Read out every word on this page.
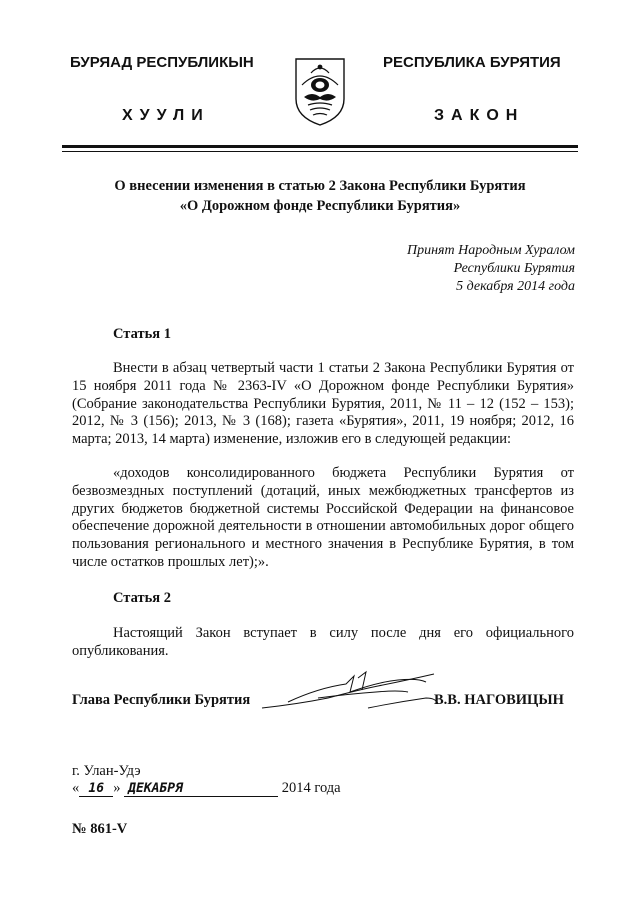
БУРЯАД РЕСПУБЛИКЫН	РЕСПУБЛИКА БУРЯТИЯ
ХУУЛИ	ЗАКОН
О внесении изменения в статью 2 Закона Республики Бурятия
«О Дорожном фонде Республики Бурятия»
Принят Народным Хуралом
Республики Бурятия
5 декабря 2014 года
Статья 1

Внести в абзац четвертый части 1 статьи 2 Закона Республики Бурятия от 15 ноября 2011 года № 2363-IV «О Дорожном фонде Республики Бурятия» (Собрание законодательства Республики Бурятия, 2011, № 11 – 12 (152 – 153); 2012, № 3 (156); 2013, № 3 (168); газета «Бурятия», 2011, 19 ноября; 2012, 16 марта; 2013, 14 марта) изменение, изложив его в следующей редакции:

«доходов консолидированного бюджета Республики Бурятия от безвозмездных поступлений (дотаций, иных межбюджетных трансфертов из других бюджетов бюджетной системы Российской Федерации на финансовое обеспечение дорожной деятельности в отношении автомобильных дорог общего пользования регионального и местного значения в Республике Бурятия, в том числе остатков прошлых лет);».

Статья 2

Настоящий Закон вступает в силу после дня его официального опубликования.

Глава Республики Бурятия	В.В. НАГОВИЦЫН
г. Улан-Удэ
« 16 » ДЕКАБРЯ	2014 года
№ 861-V
